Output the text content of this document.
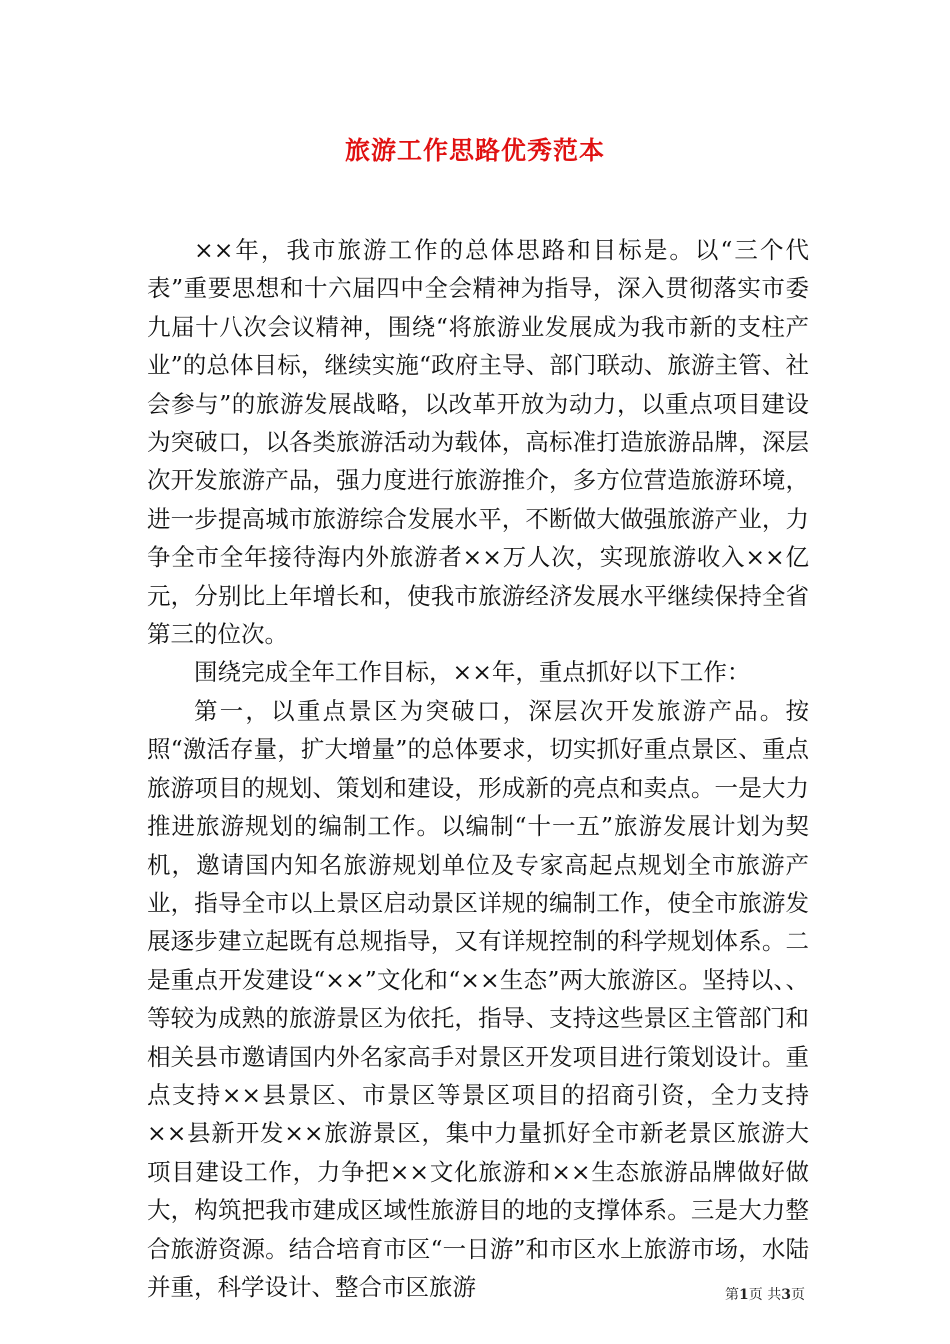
旅游工作思路优秀范本

××年，我市旅游工作的总体思路和目标是。以“三个代表”重要思想和十六届四中全会精神为指导，深入贯彻落实市委九届十八次会议精神，围绕“将旅游业发展成为我市新的支柱产业”的总体目标，继续实施“政府主导、部门联动、旅游主管、社会参与”的旅游发展战略，以改革开放为动力，以重点项目建设为突破口，以各类旅游活动为载体，高标准打造旅游品牌，深层次开发旅游产品，强力度进行旅游推介，多方位营造旅游环境，进一步提高城市旅游综合发展水平，不断做大做强旅游产业，力争全市全年接待海内外旅游者××万人次，实现旅游收入××亿元，分别比上年增长和，使我市旅游经济发展水平继续保持全省第三的位次。

围绕完成全年工作目标，××年，重点抓好以下工作：

第一，以重点景区为突破口，深层次开发旅游产品。按照“激活存量，扩大增量”的总体要求，切实抓好重点景区、重点旅游项目的规划、策划和建设，形成新的亮点和卖点。一是大力推进旅游规划的编制工作。以编制“十一五”旅游发展计划为契机，邀请国内知名旅游规划单位及专家高起点规划全市旅游产业，指导全市以上景区启动景区详规的编制工作，使全市旅游发展逐步建立起既有总规指导，又有详规控制的科学规划体系。二是重点开发建设“××”文化和“××生态”两大旅游区。坚持以、、等较为成熟的旅游景区为依托，指导、支持这些景区主管部门和相关县市邀请国内外名家高手对景区开发项目进行策划设计。重点支持××县景区、市景区等景区项目的招商引资，全力支持××县新开发××旅游景区，集中力量抓好全市新老景区旅游大项目建设工作，力争把××文化旅游和××生态旅游品牌做好做大，构筑把我市建成区域性旅游目的地的支撑体系。三是大力整合旅游资源。结合培育市区“一日游”和市区水上旅游市场，水陆并重，科学设计、整合市区旅游	第1页 共3页
